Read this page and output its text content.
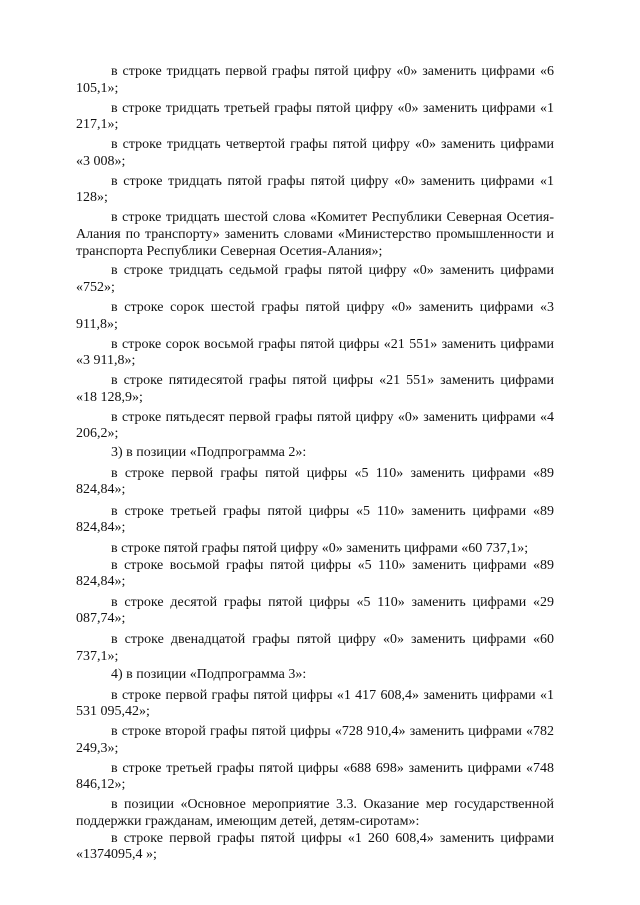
в строке тридцать первой графы пятой цифру «0» заменить цифрами «6 105,1»;

в строке тридцать третьей графы пятой цифру «0» заменить цифрами «1 217,1»;

в строке тридцать четвертой графы пятой цифру «0» заменить цифрами «3 008»;

в строке тридцать пятой графы пятой цифру «0» заменить цифрами «1 128»;

в строке тридцать шестой слова «Комитет Республики Северная Осетия-Алания по транспорту» заменить словами «Министерство промышленности и транспорта Республики Северная Осетия-Алания»;

в строке тридцать седьмой графы пятой цифру «0» заменить цифрами «752»;

в строке сорок шестой графы пятой цифру «0» заменить цифрами «3 911,8»;

в строке сорок восьмой графы пятой цифры «21 551» заменить цифрами «3 911,8»;

в строке пятидесятой графы пятой цифры «21 551» заменить цифрами «18 128,9»;

в строке пятьдесят первой графы пятой цифру «0» заменить цифрами «4 206,2»;

3) в позиции «Подпрограмма 2»:

в строке первой графы пятой цифры «5 110» заменить цифрами «89 824,84»;

в строке третьей графы пятой цифры «5 110» заменить цифрами «89 824,84»;

в строке пятой графы пятой цифру «0» заменить цифрами «60 737,1»;

в строке восьмой графы пятой цифры «5 110» заменить цифрами «89 824,84»;

в строке десятой графы пятой цифры «5 110» заменить цифрами «29 087,74»;

в строке двенадцатой графы пятой цифру «0» заменить цифрами «60 737,1»;

4) в позиции «Подпрограмма 3»:

в строке первой графы пятой цифры «1 417 608,4» заменить цифрами «1 531 095,42»;

в строке второй графы пятой цифры «728 910,4» заменить цифрами «782 249,3»;

в строке третьей графы пятой цифры «688 698» заменить цифрами «748 846,12»;

в позиции «Основное мероприятие 3.3. Оказание мер государственной поддержки гражданам, имеющим детей, детям-сиротам»:

в строке первой графы пятой цифры «1 260 608,4» заменить цифрами «1374095,4 »;
